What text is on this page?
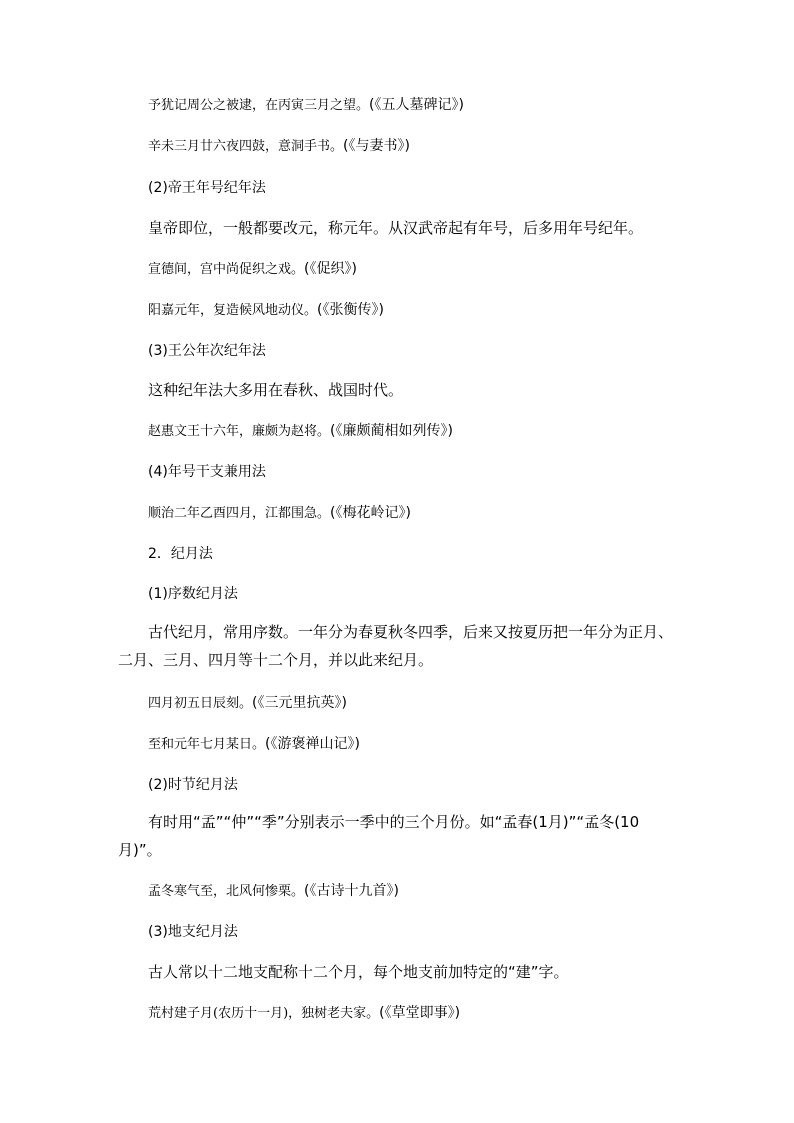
予犹记周公之被逮，在丙寅三月之望。(《五人墓碑记》)
辛未三月廿六夜四鼓，意洞手书。(《与妻书》)
(2)帝王年号纪年法
皇帝即位，一般都要改元，称元年。从汉武帝起有年号，后多用年号纪年。
宣德间，宫中尚促织之戏。(《促织》)
阳嘉元年，复造候风地动仪。(《张衡传》)
(3)王公年次纪年法
这种纪年法大多用在春秋、战国时代。
赵惠文王十六年，廉颇为赵将。(《廉颇蔺相如列传》)
(4)年号干支兼用法
顺治二年乙酉四月，江都围急。(《梅花岭记》)
2．纪月法
(1)序数纪月法
古代纪月，常用序数。一年分为春夏秋冬四季，后来又按夏历把一年分为正月、二月、三月、四月等十二个月，并以此来纪月。
四月初五日辰刻。(《三元里抗英》)
至和元年七月某日。(《游褒禅山记》)
(2)时节纪月法
有时用“孟”“仲”“季”分别表示一季中的三个月份。如“孟春(1月)”“孟冬(10月)”。
孟冬寒气至，北风何惨栗。(《古诗十九首》)
(3)地支纪月法
古人常以十二地支配称十二个月，每个地支前加特定的“建”字。
荒村建子月(农历十一月)，独树老夫家。(《草堂即事》)
